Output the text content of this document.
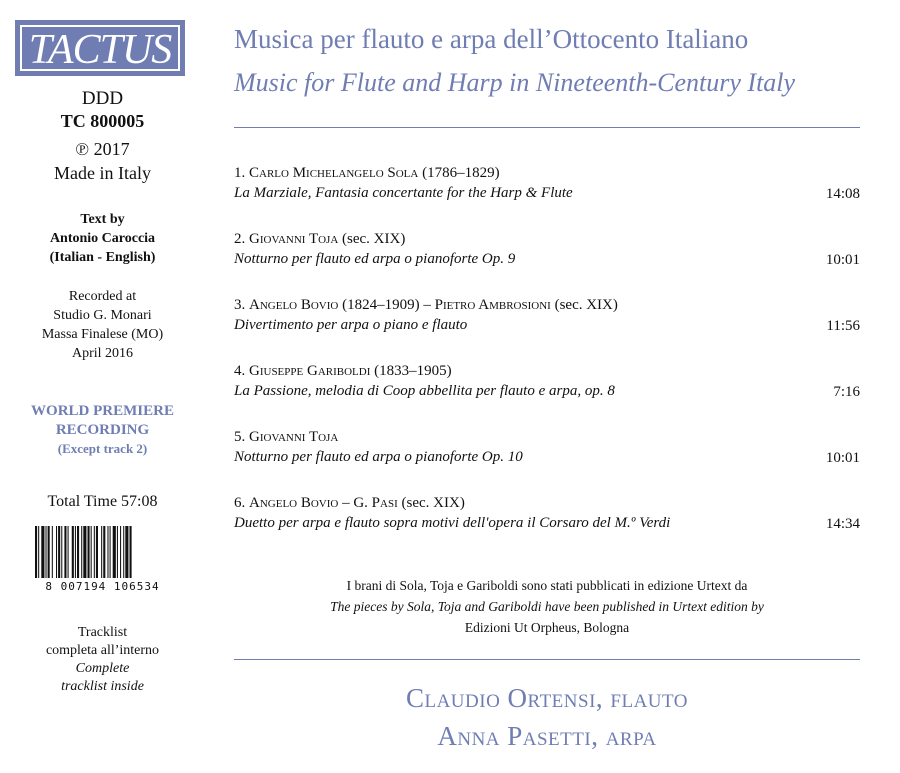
TACTUS
DDD
TC 800005
℗ 2017
Made in Italy
Text by
Antonio Caroccia
(Italian - English)
Recorded at
Studio G. Monari
Massa Finalese (MO)
April 2016
WORLD PREMIERE
RECORDING
(Except track 2)
Total Time 57:08
8 007194 106534
Tracklist
completa all’interno
Complete
tracklist inside
Musica per flauto e arpa dell’Ottocento Italiano
Music for Flute and Harp in Nineteenth-Century Italy
1. Carlo Michelangelo Sola (1786–1829)
La Marziale, Fantasia concertante for the Harp & Flute	14:08
2. Giovanni Toja (sec. XIX)
Notturno per flauto ed arpa o pianoforte Op. 9	10:01
3. Angelo Bovio (1824–1909) – Pietro Ambrosioni (sec. XIX)
Divertimento per arpa o piano e flauto	11:56
4. Giuseppe Gariboldi (1833–1905)
La Passione, melodia di Coop abbellita per flauto e arpa, op. 8	7:16
5. Giovanni Toja
Notturno per flauto ed arpa o pianoforte Op. 10	10:01
6. Angelo Bovio – G. Pasi (sec. XIX)
Duetto per arpa e flauto sopra motivi dell'opera il Corsaro del M.º Verdi	14:34
I brani di Sola, Toja e Gariboldi sono stati pubblicati in edizione Urtext da
The pieces by Sola, Toja and Gariboldi have been published in Urtext edition by
Edizioni Ut Orpheus, Bologna
Claudio Ortensi, flauto
Anna Pasetti, arpa
